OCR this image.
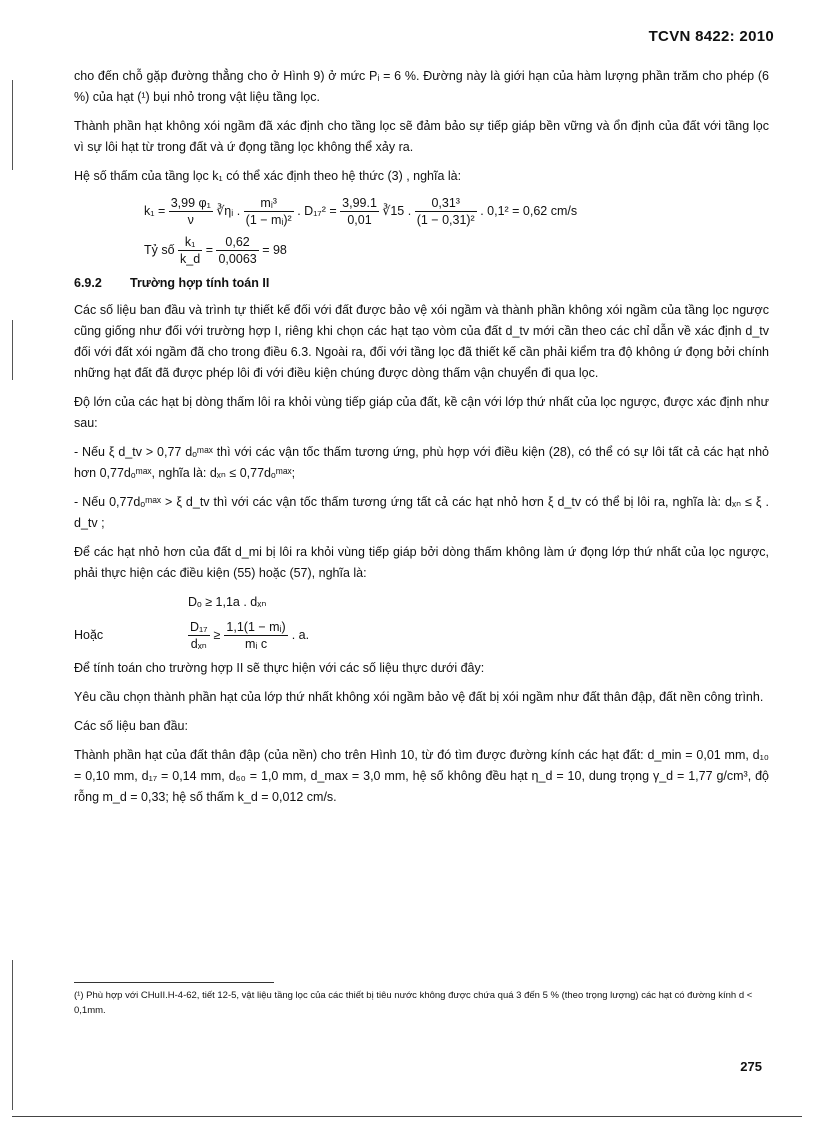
TCVN 8422: 2010

cho đến chỗ gặp đường thẳng cho ở Hình 9) ở mức Pᵢ = 6 %. Đường này là giới hạn của hàm lượng phần trăm cho phép (6 %) của hạt (¹) bụi nhỏ trong vật liệu tầng lọc.

Thành phần hạt không xói ngầm đã xác định cho tầng lọc sẽ đảm bảo sự tiếp giáp bền vững và ổn định của đất với tầng lọc vì sự lôi hạt từ trong đất và ứ đọng tầng lọc không thể xảy ra.

Hệ số thấm của tầng lọc k₁ có thể xác định theo hệ thức (3) , nghĩa là:

$k_1 = \frac{\text{3,99 φ₁}}{\nu}$ ∛ηᵢ . $\frac{\text{mᵢ³}}{\text{(1 − mᵢ)²}}$ . $D_{17}^2 = \frac{3,99.1}{0,01}$ ∛15 . $\frac{\text{0,31³}}{\text{(1 − 0,31)²}}$ . 0,1² = 0,62 cm/s
Tỷ số $\frac{\text{k₁}}{k\_d} = \frac{0,62}{0,0063} = 98$
6.9.2 Trường hợp tính toán II

Các số liệu ban đầu và trình tự thiết kế đối với đất được bảo vệ xói ngầm và thành phần không xói ngầm của tầng lọc ngược cũng giống như đối với trường hợp I, riêng khi chọn các hạt tạo vòm của đất d_tv mới cần theo các chỉ dẫn về xác định d_tv đối với đất xói ngầm đã cho trong điều 6.3. Ngoài ra, đối với tầng lọc đã thiết kế cần phải kiểm tra độ không ứ đọng bởi chính những hạt đất đã được phép lôi đi với điều kiện chúng được dòng thấm vận chuyển đi qua lọc.

Độ lớn của các hạt bị dòng thấm lôi ra khỏi vùng tiếp giáp của đất, kề cận với lớp thứ nhất của lọc ngược, được xác định như sau:

- Nếu ξ d_tv > 0,77 dₒᵐᵃˣ thì với các vận tốc thấm tương ứng, phù hợp với điều kiện (28), có thể có sự lôi tất cả các hạt nhỏ hơn 0,77dₒᵐᵃˣ, nghĩa là: dₓₙ ≤ 0,77dₒᵐᵃˣ;

- Nếu 0,77dₒᵐᵃˣ > ξ d_tv thì với các vận tốc thấm tương ứng tất cả các hạt nhỏ hơn ξ d_tv có thể bị lôi ra, nghĩa là: dₓₙ ≤ ξ . d_tv ;

Để các hạt nhỏ hơn của đất d_mi bị lôi ra khỏi vùng tiếp giáp bởi dòng thấm không làm ứ đọng lớp thứ nhất của lọc ngược, phải thực hiện các điều kiện (55) hoặc (57), nghĩa là:

Dₒ ≥ 1,1a . dₓₙ
Hoặc	$\frac{\text{D₁₇}}{\text{dₓₙ}} \ge \frac{\text{1,1(1 − mᵢ)}}{\text{mᵢ c}}$ . a.

Để tính toán cho trường hợp II sẽ thực hiện với các số liệu thực dưới đây:

Yêu cầu chọn thành phần hạt của lớp thứ nhất không xói ngầm bảo vệ đất bị xói ngầm như đất thân đập, đất nền công trình.

Các số liệu ban đầu:

Thành phần hạt của đất thân đập (của nền) cho trên Hình 10, từ đó tìm được đường kính các hạt đất: d_min = 0,01 mm, d₁₀ = 0,10 mm, d₁₇ = 0,14 mm, d₆₀ = 1,0 mm, d_max = 3,0 mm, hệ số không đều hạt η_d = 10, dung trọng γ_d = 1,77 g/cm³, độ rỗng m_d = 0,33; hệ số thấm k_d = 0,012 cm/s.

(¹) Phù hợp với CHuII.H-4-62, tiết 12-5, vật liệu tầng lọc của các thiết bị tiêu nước không được chứa quá 3 đến 5 % (theo trọng lượng) các hạt có đường kính d < 0,1mm.
275
